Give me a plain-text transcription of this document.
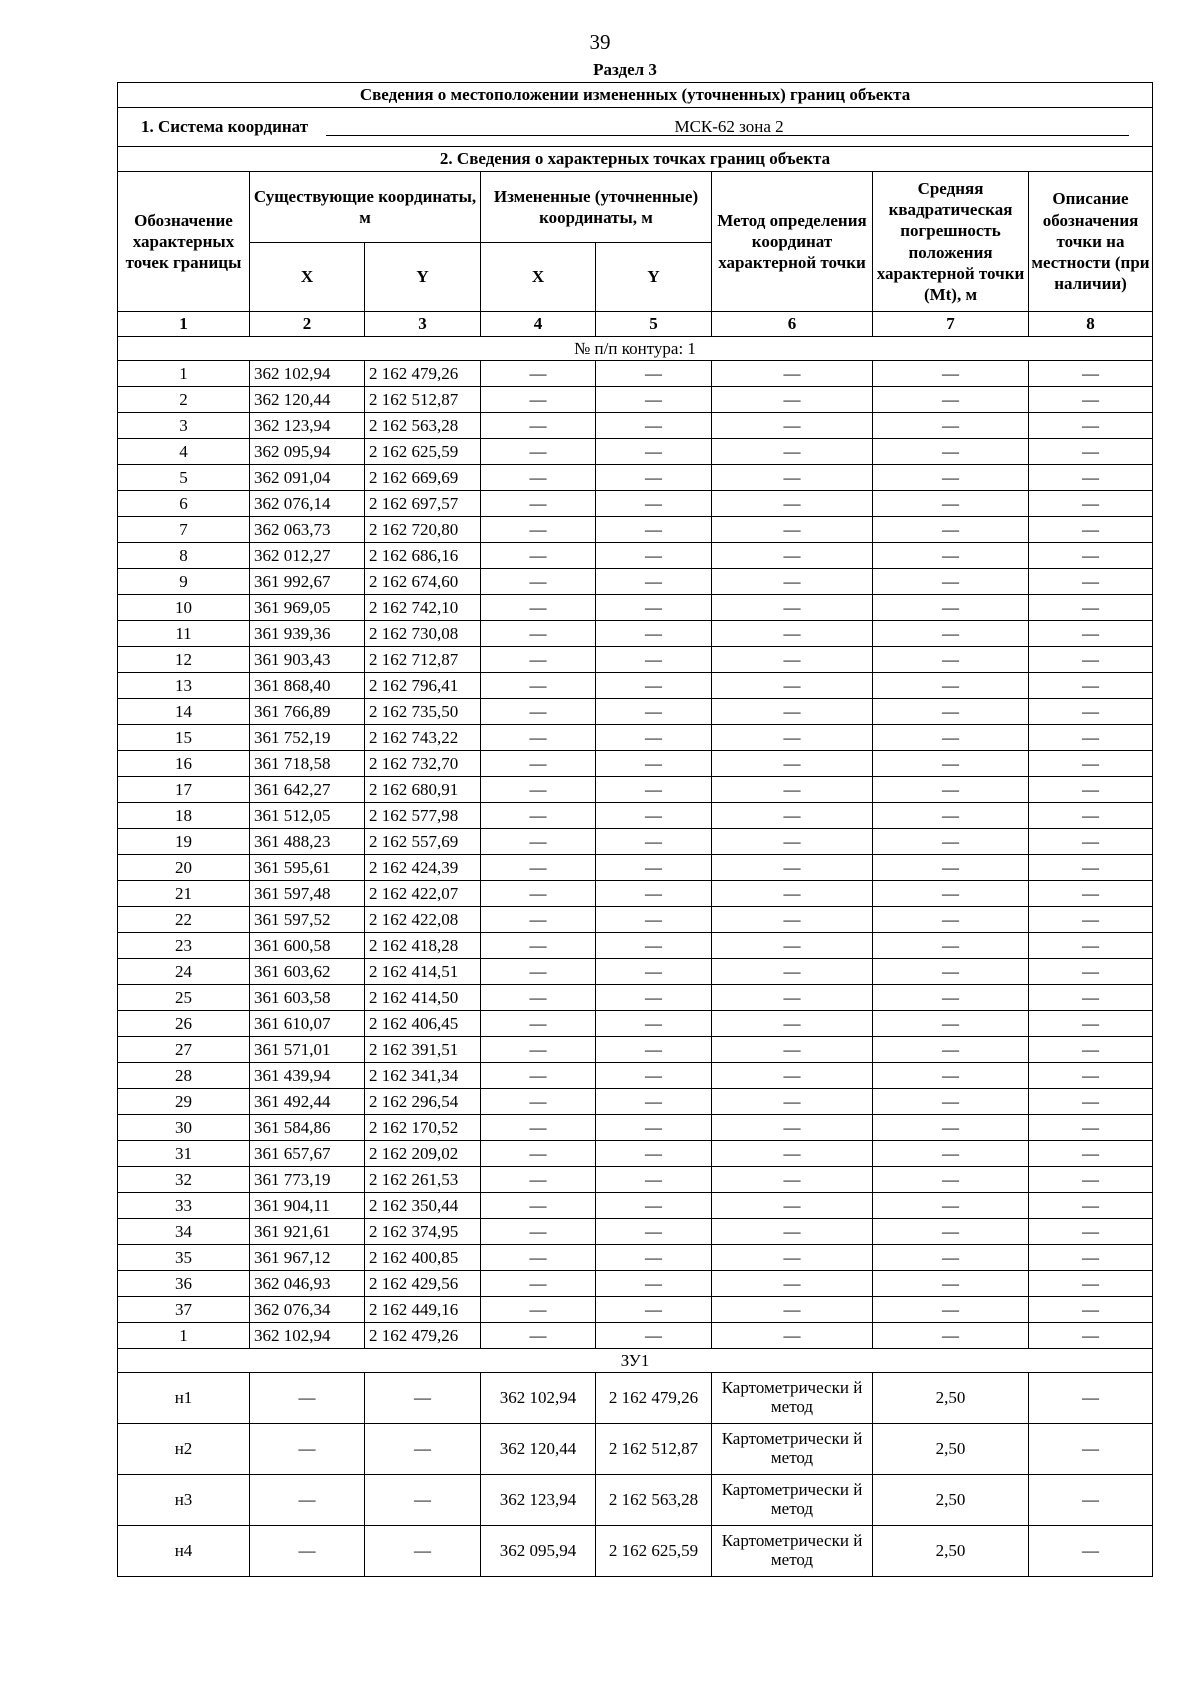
39
Раздел 3
Сведения о местоположении измененных (уточненных) границ объекта							
1. Система координат МСК-62 зона 2							
2. Сведения о характерных точках границ объекта							
Обозначение характерных точек границы	Существующие координаты, м		Измененные (уточненные) координаты, м		Метод определения координат характерной точки	Средняя квадратическая погрешность положения характерной точки (Mt), м	Описание обозначения точки на местности (при наличии)
	X	Y	X	Y			
1	2	3	4	5	6	7	8
№ п/п контура: 1							
1	362 102,94	2 162 479,26	—	—	—	—	—
2	362 120,44	2 162 512,87	—	—	—	—	—
3	362 123,94	2 162 563,28	—	—	—	—	—
4	362 095,94	2 162 625,59	—	—	—	—	—
5	362 091,04	2 162 669,69	—	—	—	—	—
6	362 076,14	2 162 697,57	—	—	—	—	—
7	362 063,73	2 162 720,80	—	—	—	—	—
8	362 012,27	2 162 686,16	—	—	—	—	—
9	361 992,67	2 162 674,60	—	—	—	—	—
10	361 969,05	2 162 742,10	—	—	—	—	—
11	361 939,36	2 162 730,08	—	—	—	—	—
12	361 903,43	2 162 712,87	—	—	—	—	—
13	361 868,40	2 162 796,41	—	—	—	—	—
14	361 766,89	2 162 735,50	—	—	—	—	—
15	361 752,19	2 162 743,22	—	—	—	—	—
16	361 718,58	2 162 732,70	—	—	—	—	—
17	361 642,27	2 162 680,91	—	—	—	—	—
18	361 512,05	2 162 577,98	—	—	—	—	—
19	361 488,23	2 162 557,69	—	—	—	—	—
20	361 595,61	2 162 424,39	—	—	—	—	—
21	361 597,48	2 162 422,07	—	—	—	—	—
22	361 597,52	2 162 422,08	—	—	—	—	—
23	361 600,58	2 162 418,28	—	—	—	—	—
24	361 603,62	2 162 414,51	—	—	—	—	—
25	361 603,58	2 162 414,50	—	—	—	—	—
26	361 610,07	2 162 406,45	—	—	—	—	—
27	361 571,01	2 162 391,51	—	—	—	—	—
28	361 439,94	2 162 341,34	—	—	—	—	—
29	361 492,44	2 162 296,54	—	—	—	—	—
30	361 584,86	2 162 170,52	—	—	—	—	—
31	361 657,67	2 162 209,02	—	—	—	—	—
32	361 773,19	2 162 261,53	—	—	—	—	—
33	361 904,11	2 162 350,44	—	—	—	—	—
34	361 921,61	2 162 374,95	—	—	—	—	—
35	361 967,12	2 162 400,85	—	—	—	—	—
36	362 046,93	2 162 429,56	—	—	—	—	—
37	362 076,34	2 162 449,16	—	—	—	—	—
1	362 102,94	2 162 479,26	—	—	—	—	—
ЗУ1							
н1	—	—	362 102,94	2 162 479,26	Картометрически й метод	2,50	—
н2	—	—	362 120,44	2 162 512,87	Картометрически й метод	2,50	—
н3	—	—	362 123,94	2 162 563,28	Картометрически й метод	2,50	—
н4	—	—	362 095,94	2 162 625,59	Картометрически й метод	2,50	—
